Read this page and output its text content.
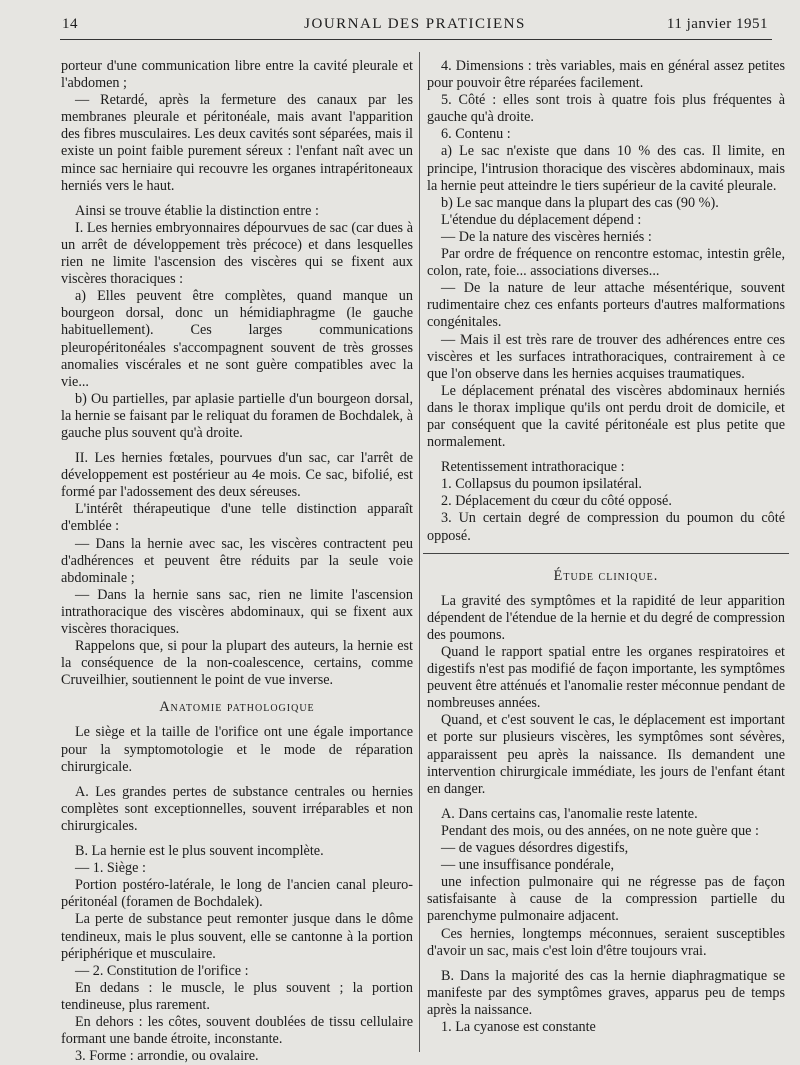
14	JOURNAL DES PRATICIENS	11 janvier 1951

porteur d'une communication libre entre la cavité pleurale et l'abdomen ;

— Retardé, après la fermeture des canaux par les membranes pleurale et péritonéale, mais avant l'apparition des fibres musculaires. Les deux cavités sont séparées, mais il existe un point faible purement séreux : l'enfant naît avec un mince sac herniaire qui recouvre les organes intrapéritoneaux herniés vers le haut.

Ainsi se trouve établie la distinction entre :

I. Les hernies embryonnaires dépourvues de sac (car dues à un arrêt de développement très précoce) et dans lesquelles rien ne limite l'ascension des viscères qui se fixent aux viscères thoraciques :

a) Elles peuvent être complètes, quand manque un bourgeon dorsal, donc un hémidiaphragme (le gauche habituellement). Ces larges communications pleuropéritonéales s'accompagnent souvent de très grosses anomalies viscérales et ne sont guère compatibles avec la vie...

b) Ou partielles, par aplasie partielle d'un bourgeon dorsal, la hernie se faisant par le reliquat du foramen de Bochdalek, à gauche plus souvent qu'à droite.

II. Les hernies fœtales, pourvues d'un sac, car l'arrêt de développement est postérieur au 4e mois. Ce sac, bifolié, est formé par l'adossement des deux séreuses.

L'intérêt thérapeutique d'une telle distinction apparaît d'emblée :

— Dans la hernie avec sac, les viscères contractent peu d'adhérences et peuvent être réduits par la seule voie abdominale ;

— Dans la hernie sans sac, rien ne limite l'ascension intrathoracique des viscères abdominaux, qui se fixent aux viscères thoraciques.

Rappelons que, si pour la plupart des auteurs, la hernie est la conséquence de la non-coalescence, certains, comme Cruveilhier, soutiennent le point de vue inverse.

Anatomie pathologique

Le siège et la taille de l'orifice ont une égale importance pour la symptomotologie et le mode de réparation chirurgicale.

A. Les grandes pertes de substance centrales ou hernies complètes sont exceptionnelles, souvent irréparables et non chirurgicales.

B. La hernie est le plus souvent incomplète.

— 1. Siège :

Portion postéro-latérale, le long de l'ancien canal pleuro-péritonéal (foramen de Bochdalek).

La perte de substance peut remonter jusque dans le dôme tendineux, mais le plus souvent, elle se cantonne à la portion périphérique et musculaire.

— 2. Constitution de l'orifice :

En dedans : le muscle, le plus souvent ; la portion tendineuse, plus rarement.

En dehors : les côtes, souvent doublées de tissu cellulaire formant une bande étroite, inconstante.

3. Forme : arrondie, ou ovalaire.

4. Dimensions : très variables, mais en général assez petites pour pouvoir être réparées facilement.

5. Côté : elles sont trois à quatre fois plus fréquentes à gauche qu'à droite.

6. Contenu :

a) Le sac n'existe que dans 10 % des cas. Il limite, en principe, l'intrusion thoracique des viscères abdominaux, mais la hernie peut atteindre le tiers supérieur de la cavité pleurale.

b) Le sac manque dans la plupart des cas (90 %).

L'étendue du déplacement dépend :

— De la nature des viscères herniés :

Par ordre de fréquence on rencontre estomac, intestin grêle, colon, rate, foie... associations diverses...

— De la nature de leur attache mésentérique, souvent rudimentaire chez ces enfants porteurs d'autres malformations congénitales.

— Mais il est très rare de trouver des adhérences entre ces viscères et les surfaces intrathoraciques, contrairement à ce que l'on observe dans les hernies acquises traumatiques.

Le déplacement prénatal des viscères abdominaux herniés dans le thorax implique qu'ils ont perdu droit de domicile, et par conséquent que la cavité péritonéale est plus petite que normalement.

Retentissement intrathoracique :

1. Collapsus du poumon ipsilatéral.

2. Déplacement du cœur du côté opposé.

3. Un certain degré de compression du poumon du côté opposé.

Étude clinique.

La gravité des symptômes et la rapidité de leur apparition dépendent de l'étendue de la hernie et du degré de compression des poumons.

Quand le rapport spatial entre les organes respiratoires et digestifs n'est pas modifié de façon importante, les symptômes peuvent être atténués et l'anomalie rester méconnue pendant de nombreuses années.

Quand, et c'est souvent le cas, le déplacement est important et porte sur plusieurs viscères, les symptômes sont sévères, apparaissent peu après la naissance. Ils demandent une intervention chirurgicale immédiate, les jours de l'enfant étant en danger.

A. Dans certains cas, l'anomalie reste latente.

Pendant des mois, ou des années, on ne note guère que :

— de vagues désordres digestifs,

— une insuffisance pondérale,

une infection pulmonaire qui ne régresse pas de façon satisfaisante à cause de la compression partielle du parenchyme pulmonaire adjacent.

Ces hernies, longtemps méconnues, seraient susceptibles d'avoir un sac, mais c'est loin d'être toujours vrai.

B. Dans la majorité des cas la hernie diaphragmatique se manifeste par des symptômes graves, apparus peu de temps après la naissance.

1. La cyanose est constante
